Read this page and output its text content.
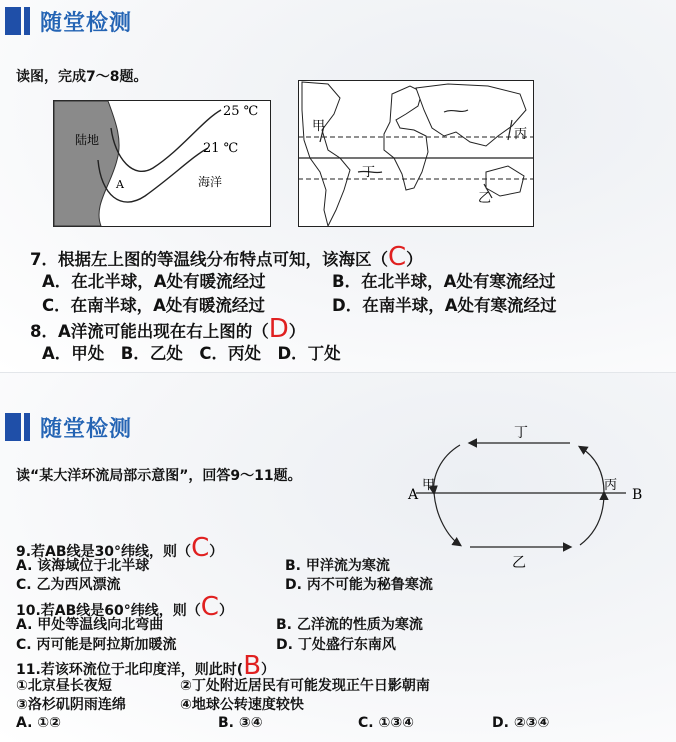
随堂检测
读图，完成7～8题。
陆地
海洋
A
25 ℃
21 ℃
甲
丁
丙
乙
7．根据左上图的等温线分布特点可知，该海区（C）
A．在北半球，A处有暖流经过	B．在北半球，A处有寒流经过
C．在南半球，A处有暖流经过	D．在南半球，A处有寒流经过
8．A洋流可能出现在右上图的（D）
A．甲处　B．乙处　C．丙处　D．丁处
随堂检测
读“某大洋环流局部示意图”，回答9～11题。
A	B
甲	丙
丁
乙
9.若AB线是30°纬线，则（C）
A. 该海域位于北半球	B. 甲洋流为寒流
C. 乙为西风漂流	D. 丙不可能为秘鲁寒流
10.若AB线是60°纬线，则（C）
A. 甲处等温线向北弯曲	B. 乙洋流的性质为寒流
C. 丙可能是阿拉斯加暖流	D. 丁处盛行东南风
11.若该环流位于北印度洋，则此时(B）
①北京昼长夜短	②丁处附近居民有可能发现正午日影朝南
③洛杉矶阴雨连绵	④地球公转速度较快
A. ①②	B. ③④	C. ①③④	D. ②③④
